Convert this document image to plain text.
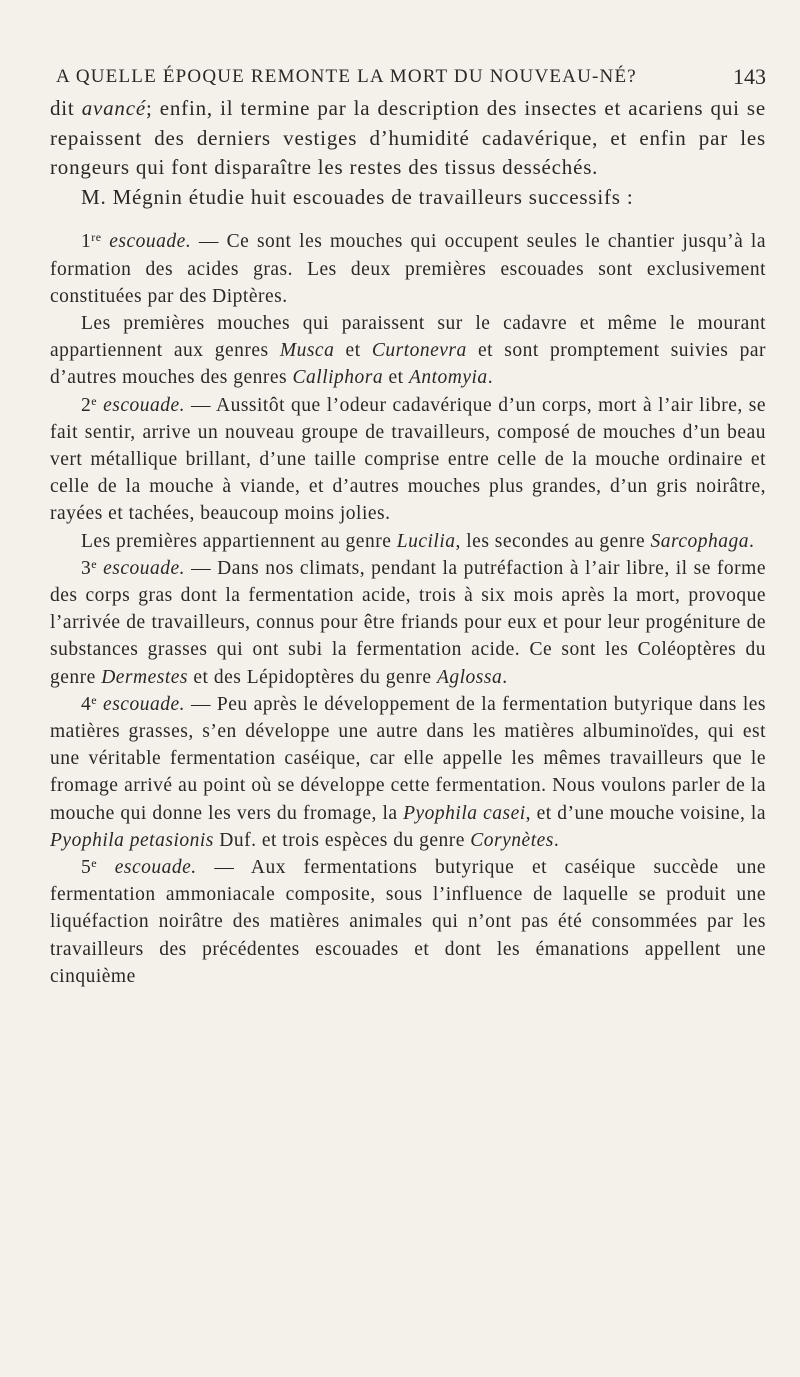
A QUELLE ÉPOQUE REMONTE LA MORT DU NOUVEAU-NÉ?	143

dit avancé; enfin, il termine par la description des insectes et acariens qui se repaissent des derniers vestiges d’humidité cadavérique, et enfin par les rongeurs qui font disparaître les restes des tissus desséchés.

M. Mégnin étudie huit escouades de travailleurs successifs :

1re escouade. — Ce sont les mouches qui occupent seules le chantier jusqu’à la formation des acides gras. Les deux premières escouades sont exclusivement constituées par des Diptères.

Les premières mouches qui paraissent sur le cadavre et même le mourant appartiennent aux genres Musca et Curtonevra et sont promptement suivies par d’autres mouches des genres Calliphora et Antomyia.

2e escouade. — Aussitôt que l’odeur cadavérique d’un corps, mort à l’air libre, se fait sentir, arrive un nouveau groupe de travailleurs, composé de mouches d’un beau vert métallique brillant, d’une taille comprise entre celle de la mouche ordinaire et celle de la mouche à viande, et d’autres mouches plus grandes, d’un gris noirâtre, rayées et tachées, beaucoup moins jolies.

Les premières appartiennent au genre Lucilia, les secondes au genre Sarcophaga.

3e escouade. — Dans nos climats, pendant la putréfaction à l’air libre, il se forme des corps gras dont la fermentation acide, trois à six mois après la mort, provoque l’arrivée de travailleurs, connus pour être friands pour eux et pour leur progéniture de substances grasses qui ont subi la fermentation acide. Ce sont les Coléoptères du genre Dermestes et des Lépidoptères du genre Aglossa.

4e escouade. — Peu après le développement de la fermentation butyrique dans les matières grasses, s’en développe une autre dans les matières albuminoïdes, qui est une véritable fermentation caséique, car elle appelle les mêmes travailleurs que le fromage arrivé au point où se développe cette fermentation. Nous voulons parler de la mouche qui donne les vers du fromage, la Pyophila casei, et d’une mouche voisine, la Pyophila petasionis Duf. et trois espèces du genre Corynètes.

5e escouade. — Aux fermentations butyrique et caséique succède une fermentation ammoniacale composite, sous l’influence de laquelle se produit une liquéfaction noirâtre des matières animales qui n’ont pas été consommées par les travailleurs des précédentes escouades et dont les émanations appellent une cinquième
